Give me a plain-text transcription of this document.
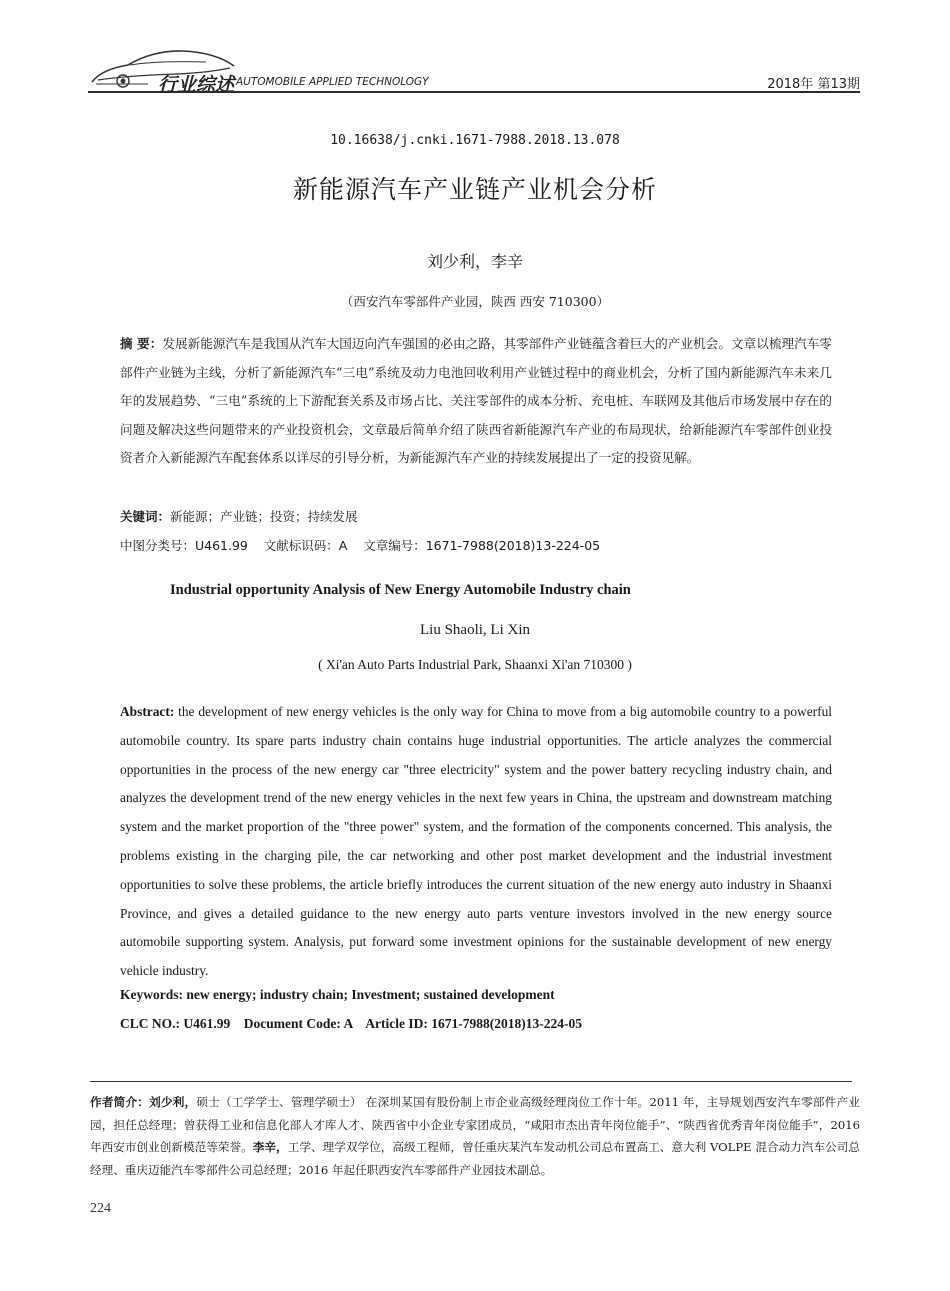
行业综述 AUTOMOBILE APPLIED TECHNOLOGY	2018年 第13期
10.16638/j.cnki.1671-7988.2018.13.078
新能源汽车产业链产业机会分析
刘少利，李辛
（西安汽车零部件产业园，陕西 西安 710300）
摘 要：发展新能源汽车是我国从汽车大国迈向汽车强国的必由之路，其零部件产业链蕴含着巨大的产业机会。文章以梳理汽车零部件产业链为主线，分析了新能源汽车“三电”系统及动力电池回收利用产业链过程中的商业机会，分析了国内新能源汽车未来几年的发展趋势、“三电”系统的上下游配套关系及市场占比、关注零部件的成本分析、充电桩、车联网及其他后市场发展中存在的问题及解决这些问题带来的产业投资机会，文章最后简单介绍了陕西省新能源汽车产业的布局现状，给新能源汽车零部件创业投资者介入新能源汽车配套体系以详尽的引导分析，为新能源汽车产业的持续发展提出了一定的投资见解。
关键词：新能源；产业链；投资；持续发展
中图分类号：U461.99    文献标识码：A    文章编号：1671-7988(2018)13-224-05
Industrial opportunity Analysis of New Energy Automobile Industry chain
Liu Shaoli, Li Xin
( Xi'an Auto Parts Industrial Park, Shaanxi Xi'an 710300 )
Abstract: the development of new energy vehicles is the only way for China to move from a big automobile country to a powerful automobile country. Its spare parts industry chain contains huge industrial opportunities. The article analyzes the commercial opportunities in the process of the new energy car "three electricity" system and the power battery recycling industry chain, and analyzes the development trend of the new energy vehicles in the next few years in China, the upstream and downstream matching system and the market proportion of the "three power" system, and the formation of the components concerned. This analysis, the problems existing in the charging pile, the car networking and other post market development and the industrial investment opportunities to solve these problems, the article briefly introduces the current situation of the new energy auto industry in Shaanxi Province, and gives a detailed guidance to the new energy auto parts venture investors involved in the new energy source automobile supporting system. Analysis, put forward some investment opinions for the sustainable development of new energy vehicle industry.
Keywords: new energy; industry chain; Investment; sustained development
CLC NO.: U461.99    Document Code: A    Article ID: 1671-7988(2018)13-224-05
作者简介：刘少利，硕士（工学学士、管理学硕士） 在深圳某国有股份制上市企业高级经理岗位工作十年。2011 年，主导规划西安汽车零部件产业园，担任总经理；曾获得工业和信息化部人才库人才、陕西省中小企业专家团成员，“咸阳市杰出青年岗位能手”、“陕西省优秀青年岗位能手”，2016 年西安市创业创新模范等荣誉。李辛，工学、理学双学位，高级工程师，曾任重庆某汽车发动机公司总布置高工、意大利 VOLPE 混合动力汽车公司总经理、重庆迈能汽车零部件公司总经理；2016 年起任职西安汽车零部件产业园技术副总。
224
